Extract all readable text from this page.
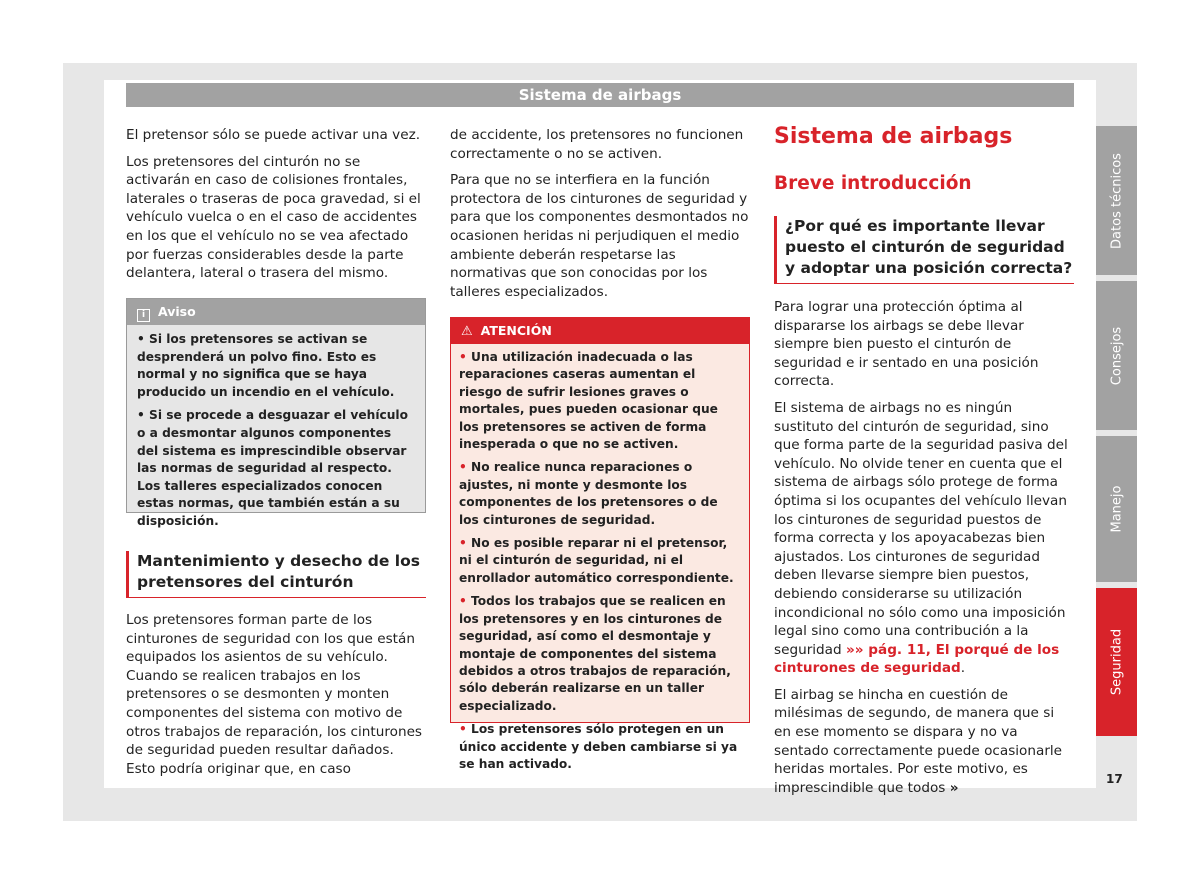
Sistema de airbags

El pretensor sólo se puede activar una vez.

Los pretensores del cinturón no se activarán en caso de colisiones frontales, laterales o traseras de poca gravedad, si el vehículo vuelca o en el caso de accidentes en los que el vehículo no se vea afectado por fuerzas considerables desde la parte delantera, lateral o trasera del mismo.

i Aviso

• Si los pretensores se activan se desprenderá un polvo fino. Esto es normal y no significa que se haya producido un incendio en el vehículo.

• Si se procede a desguazar el vehículo o a desmontar algunos componentes del sistema es imprescindible observar las normas de seguridad al respecto. Los talleres especializados conocen estas normas, que también están a su disposición.

Mantenimiento y desecho de los pretensores del cinturón

Los pretensores forman parte de los cinturones de seguridad con los que están equipados los asientos de su vehículo. Cuando se realicen trabajos en los pretensores o se desmonten y monten componentes del sistema con motivo de otros trabajos de reparación, los cinturones de seguridad pueden resultar dañados. Esto podría originar que, en caso

de accidente, los pretensores no funcionen correctamente o no se activen.

Para que no se interfiera en la función protectora de los cinturones de seguridad y para que los componentes desmontados no ocasionen heridas ni perjudiquen el medio ambiente deberán respetarse las normativas que son conocidas por los talleres especializados.

⚠ ATENCIÓN

• Una utilización inadecuada o las reparaciones caseras aumentan el riesgo de sufrir lesiones graves o mortales, pues pueden ocasionar que los pretensores se activen de forma inesperada o que no se activen.

• No realice nunca reparaciones o ajustes, ni monte y desmonte los componentes de los pretensores o de los cinturones de seguridad.

• No es posible reparar ni el pretensor, ni el cinturón de seguridad, ni el enrollador automático correspondiente.

• Todos los trabajos que se realicen en los pretensores y en los cinturones de seguridad, así como el desmontaje y montaje de componentes del sistema debidos a otros trabajos de reparación, sólo deberán realizarse en un taller especializado.

• Los pretensores sólo protegen en un único accidente y deben cambiarse si ya se han activado.

Sistema de airbags
Breve introducción
¿Por qué es importante llevar puesto el cinturón de seguridad y adoptar una posición correcta?

Para lograr una protección óptima al dispararse los airbags se debe llevar siempre bien puesto el cinturón de seguridad e ir sentado en una posición correcta.

El sistema de airbags no es ningún sustituto del cinturón de seguridad, sino que forma parte de la seguridad pasiva del vehículo. No olvide tener en cuenta que el sistema de airbags sólo protege de forma óptima si los ocupantes del vehículo llevan los cinturones de seguridad puestos de forma correcta y los apoyacabezas bien ajustados. Los cinturones de seguridad deben llevarse siempre bien puestos, debiendo considerarse su utilización incondicional no sólo como una imposición legal sino como una contribución a la seguridad »» pág. 11, El porqué de los cinturones de seguridad.

El airbag se hincha en cuestión de milésimas de segundo, de manera que si en ese momento se dispara y no va sentado correctamente puede ocasionarle heridas mortales. Por este motivo, es imprescindible que todos »

Datos técnicos
Consejos
Manejo
Seguridad
17
